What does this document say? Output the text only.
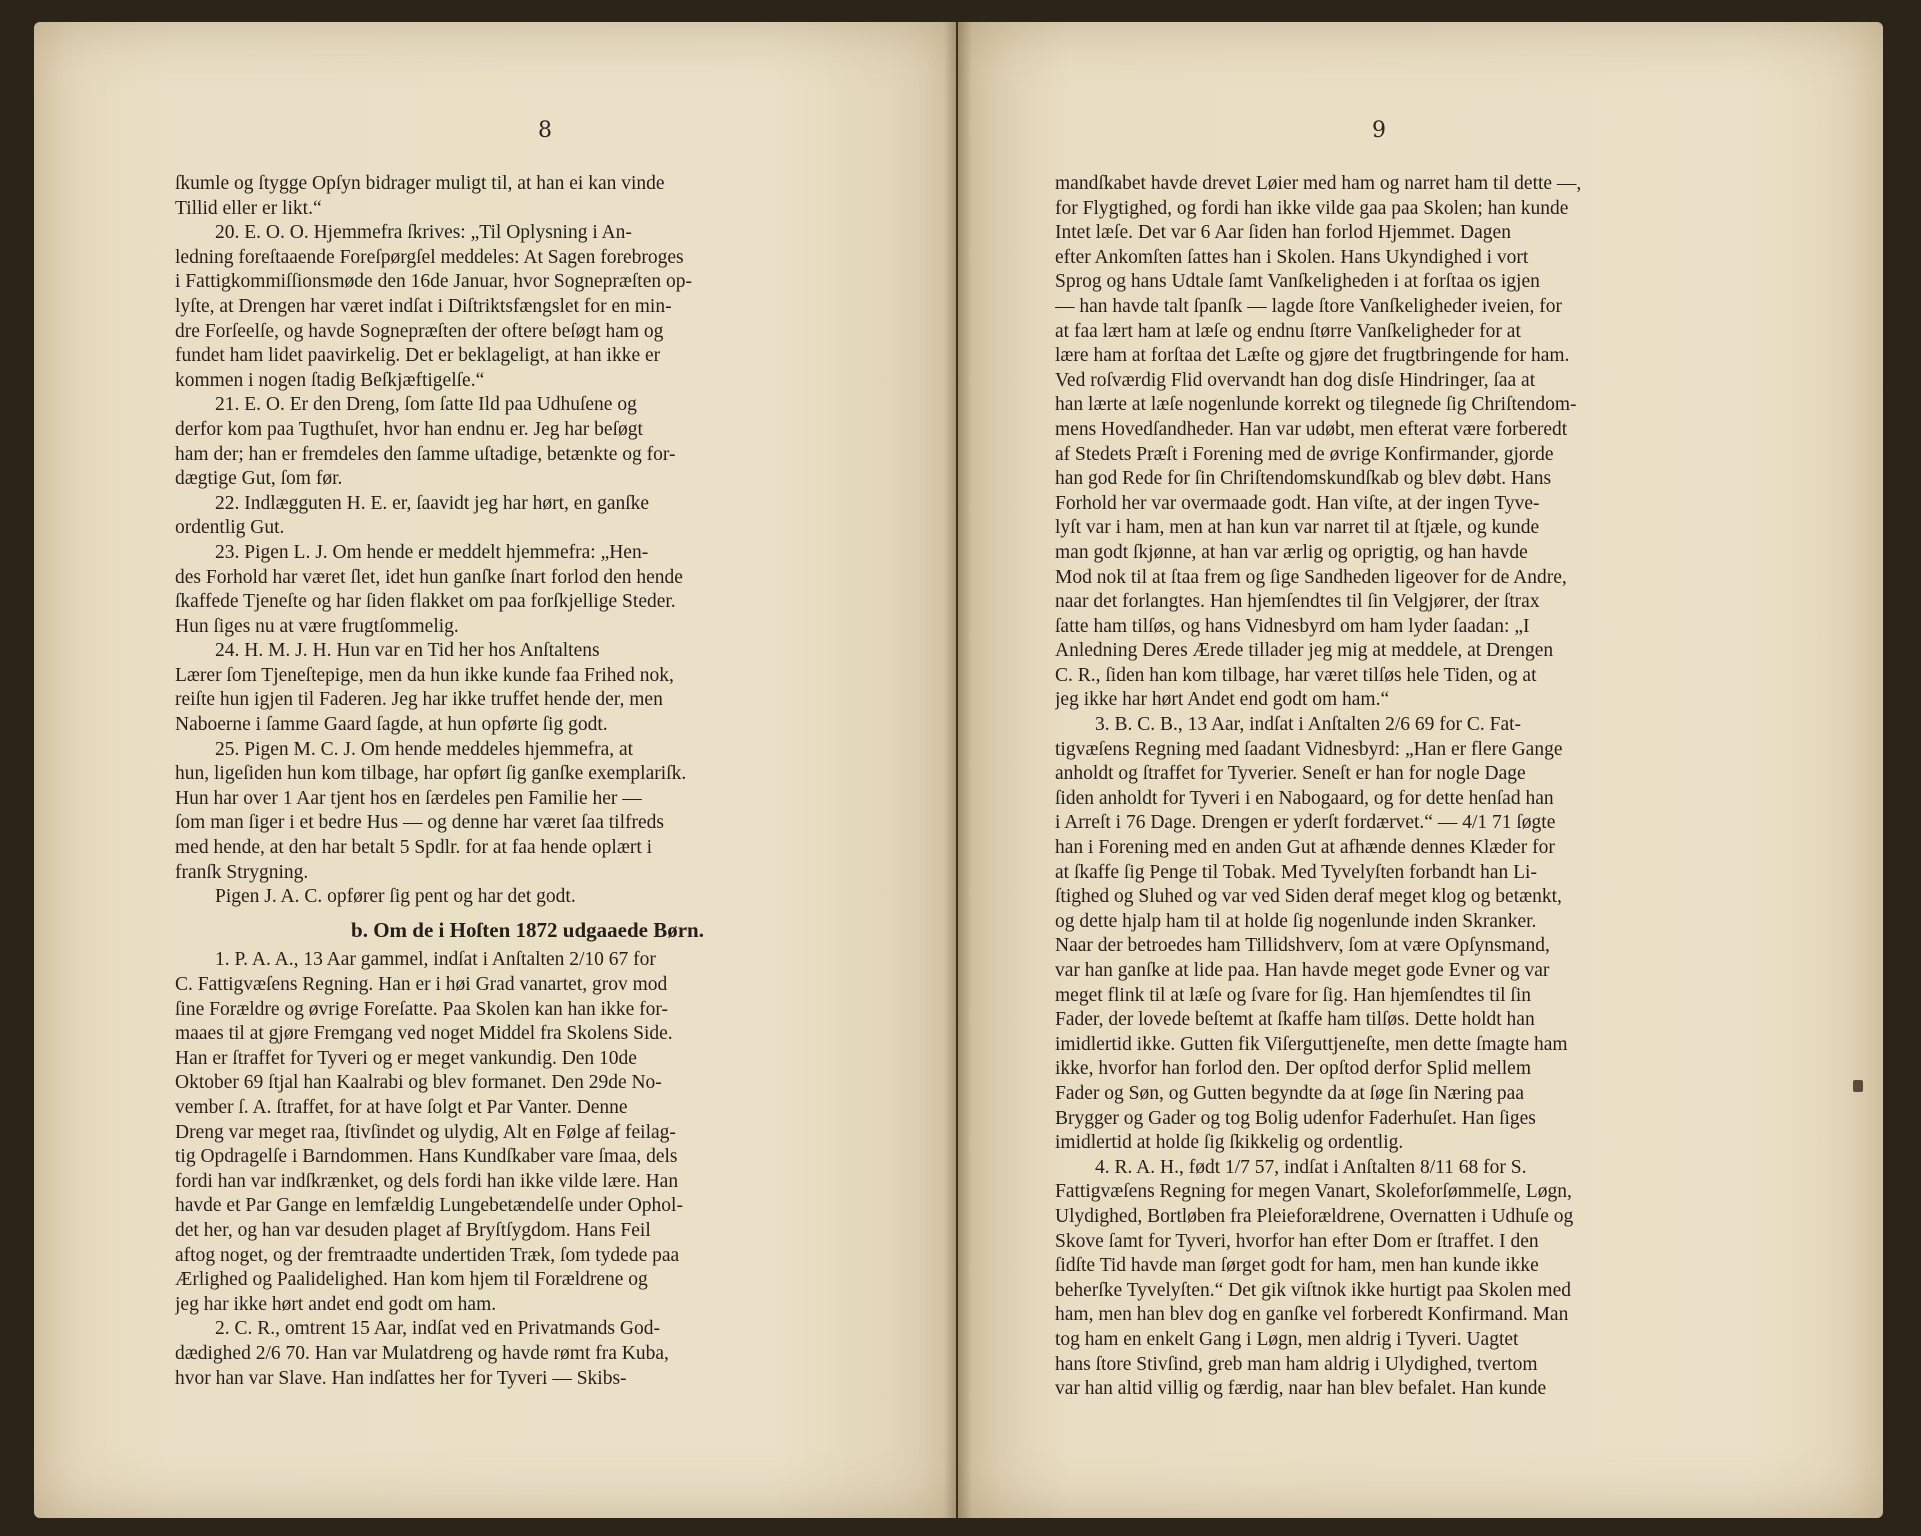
8	9
ſkumle og ſtygge Opſyn bidrager muligt til, at han ei kan vinde
Tillid eller er likt.“
20. E. O. O. Hjemmefra ſkrives: „Til Oplysning i An-
ledning foreſtaaende Foreſpørgſel meddeles: At Sagen forebroges
i Fattigkommiſſionsmøde den 16de Januar, hvor Sognepræſten op-
lyſte, at Drengen har været indſat i Diſtriktsfængslet for en min-
dre Forſeelſe, og havde Sognepræſten der oftere beſøgt ham og
fundet ham lidet paavirkelig. Det er beklageligt, at han ikke er
kommen i nogen ſtadig Beſkjæftigelſe.“
21. E. O. Er den Dreng, ſom ſatte Ild paa Udhuſene og
derfor kom paa Tugthuſet, hvor han endnu er. Jeg har beſøgt
ham der; han er fremdeles den ſamme uſtadige, betænkte og for-
dægtige Gut, ſom før.
22. Indlægguten H. E. er, ſaavidt jeg har hørt, en ganſke
ordentlig Gut.
23. Pigen L. J. Om hende er meddelt hjemmefra: „Hen-
des Forhold har været ſlet, idet hun ganſke ſnart forlod den hende
ſkaffede Tjeneſte og har ſiden flakket om paa forſkjellige Steder.
Hun ſiges nu at være frugtſommelig.
24. H. M. J. H. Hun var en Tid her hos Anſtaltens
Lærer ſom Tjeneſtepige, men da hun ikke kunde faa Frihed nok,
reiſte hun igjen til Faderen. Jeg har ikke truffet hende der, men
Naboerne i ſamme Gaard ſagde, at hun opførte ſig godt.
25. Pigen M. C. J. Om hende meddeles hjemmefra, at
hun, ligeſiden hun kom tilbage, har opført ſig ganſke exemplariſk.
Hun har over 1 Aar tjent hos en ſærdeles pen Familie her —
ſom man ſiger i et bedre Hus — og denne har været ſaa tilfreds
med hende, at den har betalt 5 Spdlr. for at faa hende oplært i
franſk Strygning.
Pigen J. A. C. opfører ſig pent og har det godt.
b. Om de i Hoſten 1872 udgaaede Børn.
1. P. A. A., 13 Aar gammel, indſat i Anſtalten 2/10 67 for
C. Fattigvæſens Regning. Han er i høi Grad vanartet, grov mod
ſine Forældre og øvrige Foreſatte. Paa Skolen kan han ikke for-
maaes til at gjøre Fremgang ved noget Middel fra Skolens Side.
Han er ſtraffet for Tyveri og er meget vankundig. Den 10de
Oktober 69 ſtjal han Kaalrabi og blev formanet. Den 29de No-
vember ſ. A. ſtraffet, for at have ſolgt et Par Vanter. Denne
Dreng var meget raa, ſtivſindet og ulydig, Alt en Følge af feilag-
tig Opdragelſe i Barndommen. Hans Kundſkaber vare ſmaa, dels
fordi han var indſkrænket, og dels fordi han ikke vilde lære. Han
havde et Par Gange en lemfældig Lungebetændelſe under Ophol-
det her, og han var desuden plaget af Bryſtſygdom. Hans Feil
aftog noget, og der fremtraadte undertiden Træk, ſom tydede paa
Ærlighed og Paalidelighed. Han kom hjem til Forældrene og
jeg har ikke hørt andet end godt om ham.
2. C. R., omtrent 15 Aar, indſat ved en Privatmands God-
dædighed 2/6 70. Han var Mulatdreng og havde rømt fra Kuba,
hvor han var Slave. Han indſattes her for Tyveri — Skibs-
mandſkabet havde drevet Løier med ham og narret ham til dette —,
for Flygtighed, og fordi han ikke vilde gaa paa Skolen; han kunde
Intet læſe. Det var 6 Aar ſiden han forlod Hjemmet. Dagen
efter Ankomſten ſattes han i Skolen. Hans Ukyndighed i vort
Sprog og hans Udtale ſamt Vanſkeligheden i at forſtaa os igjen
— han havde talt ſpanſk — lagde ſtore Vanſkeligheder iveien, for
at faa lært ham at læſe og endnu ſtørre Vanſkeligheder for at
lære ham at forſtaa det Læſte og gjøre det frugtbringende for ham.
Ved roſværdig Flid overvandt han dog disſe Hindringer, ſaa at
han lærte at læſe nogenlunde korrekt og tilegnede ſig Chriſtendom-
mens Hovedſandheder. Han var udøbt, men efterat være forberedt
af Stedets Præſt i Forening med de øvrige Konfirmander, gjorde
han god Rede for ſin Chriſtendomskundſkab og blev døbt. Hans
Forhold her var overmaade godt. Han viſte, at der ingen Tyve-
lyſt var i ham, men at han kun var narret til at ſtjæle, og kunde
man godt ſkjønne, at han var ærlig og oprigtig, og han havde
Mod nok til at ſtaa frem og ſige Sandheden ligeover for de Andre,
naar det forlangtes. Han hjemſendtes til ſin Velgjører, der ſtrax
ſatte ham tilſøs, og hans Vidnesbyrd om ham lyder ſaadan: „I
Anledning Deres Ærede tillader jeg mig at meddele, at Drengen
C. R., ſiden han kom tilbage, har været tilſøs hele Tiden, og at
jeg ikke har hørt Andet end godt om ham.“
3. B. C. B., 13 Aar, indſat i Anſtalten 2/6 69 for C. Fat-
tigvæſens Regning med ſaadant Vidnesbyrd: „Han er flere Gange
anholdt og ſtraffet for Tyverier. Seneſt er han for nogle Dage
ſiden anholdt for Tyveri i en Nabogaard, og for dette henſad han
i Arreſt i 76 Dage. Drengen er yderſt fordærvet.“ — 4/1 71 ſøgte
han i Forening med en anden Gut at afhænde dennes Klæder for
at ſkaffe ſig Penge til Tobak. Med Tyvelyſten forbandt han Li-
ſtighed og Sluhed og var ved Siden deraf meget klog og betænkt,
og dette hjalp ham til at holde ſig nogenlunde inden Skranker.
Naar der betroedes ham Tillidshverv, ſom at være Opſynsmand,
var han ganſke at lide paa. Han havde meget gode Evner og var
meget flink til at læſe og ſvare for ſig. Han hjemſendtes til ſin
Fader, der lovede beſtemt at ſkaffe ham tilſøs. Dette holdt han
imidlertid ikke. Gutten fik Viſerguttjeneſte, men dette ſmagte ham
ikke, hvorfor han forlod den. Der opſtod derfor Splid mellem
Fader og Søn, og Gutten begyndte da at ſøge ſin Næring paa
Brygger og Gader og tog Bolig udenfor Faderhuſet. Han ſiges
imidlertid at holde ſig ſkikkelig og ordentlig.
4. R. A. H., født 1/7 57, indſat i Anſtalten 8/11 68 for S.
Fattigvæſens Regning for megen Vanart, Skoleforſømmelſe, Løgn,
Ulydighed, Bortløben fra Pleieforældrene, Overnatten i Udhuſe og
Skove ſamt for Tyveri, hvorfor han efter Dom er ſtraffet. I den
ſidſte Tid havde man ſørget godt for ham, men han kunde ikke
beherſke Tyvelyſten.“ Det gik viſtnok ikke hurtigt paa Skolen med
ham, men han blev dog en ganſke vel forberedt Konfirmand. Man
tog ham en enkelt Gang i Løgn, men aldrig i Tyveri. Uagtet
hans ſtore Stivſind, greb man ham aldrig i Ulydighed, tvertom
var han altid villig og færdig, naar han blev befalet. Han kunde
